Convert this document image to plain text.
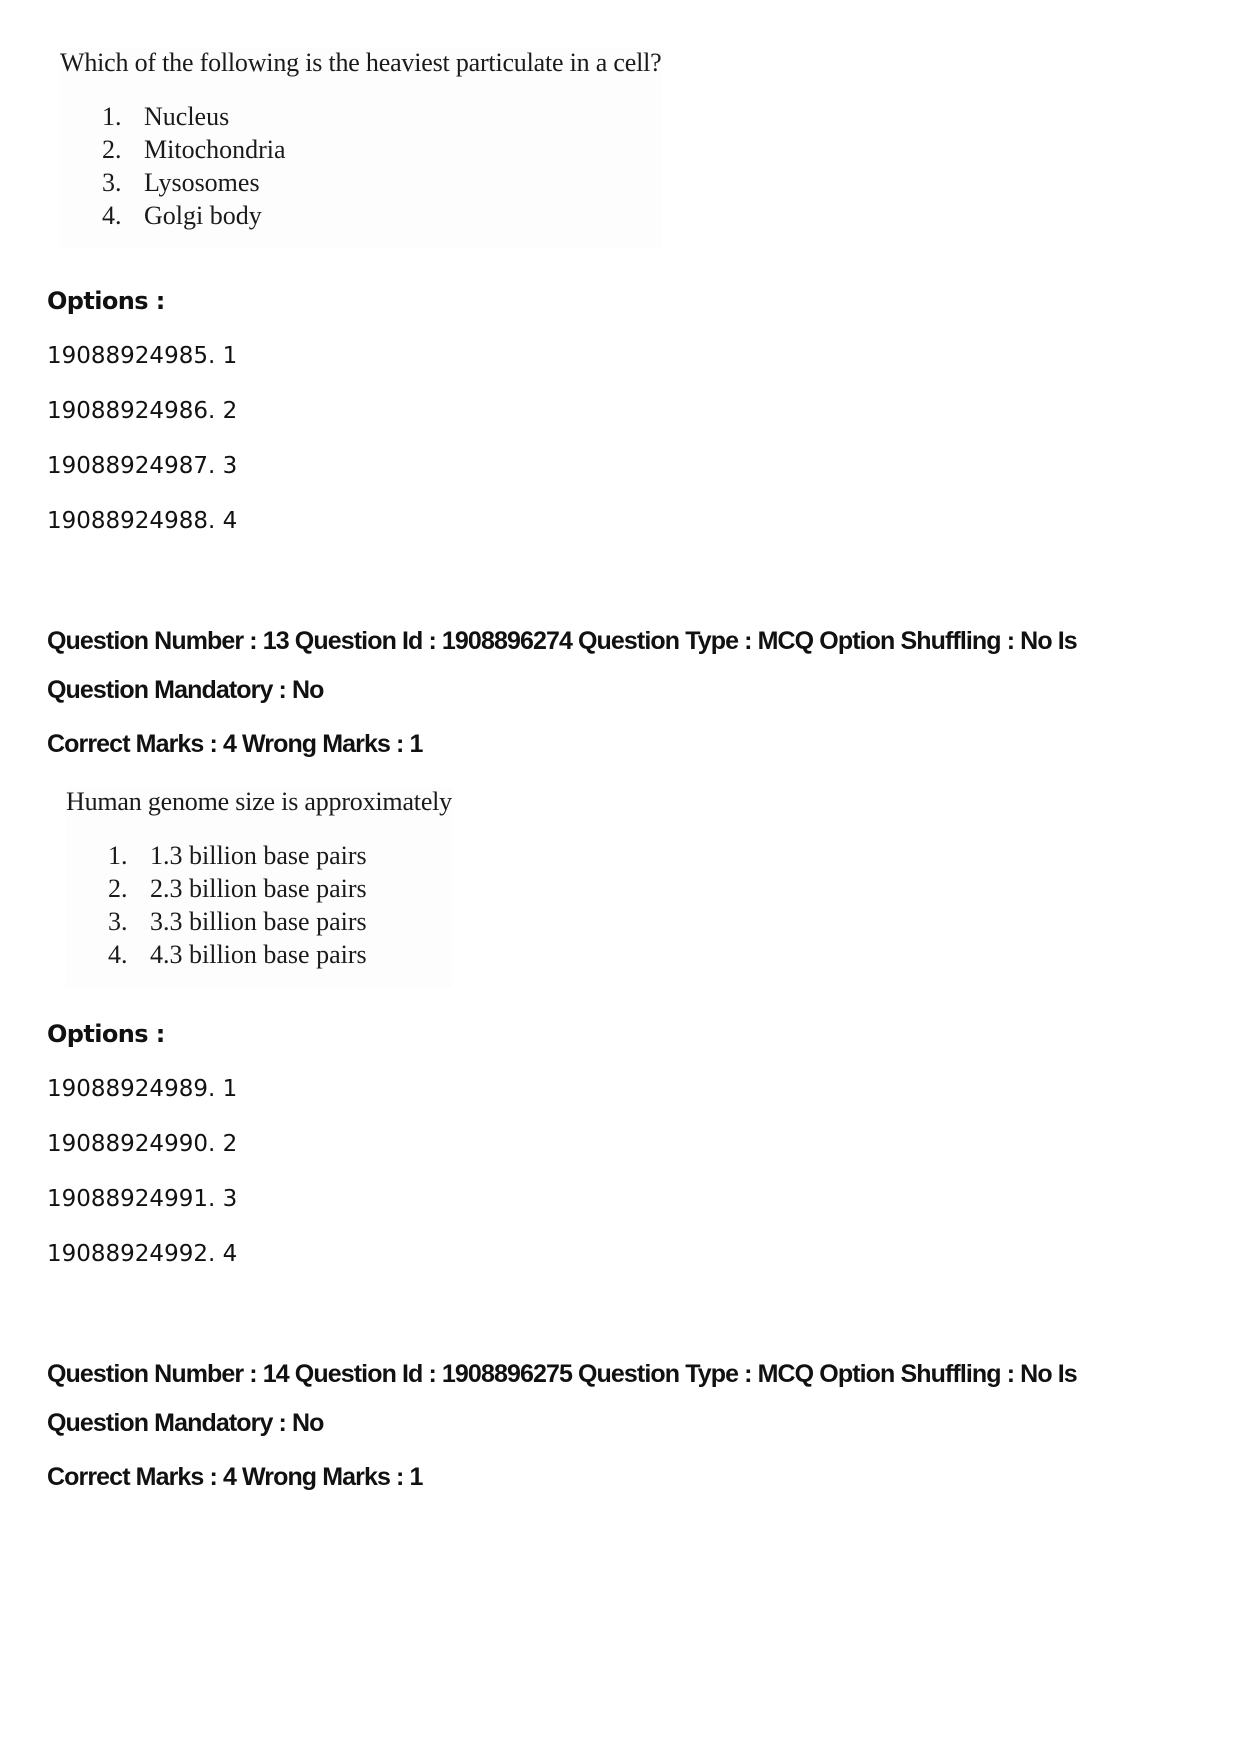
Which of the following is the heaviest particulate in a cell?
1. Nucleus
2. Mitochondria
3. Lysosomes
4. Golgi body
Options :
19088924985. 1
19088924986. 2
19088924987. 3
19088924988. 4
Question Number : 13 Question Id : 1908896274 Question Type : MCQ Option Shuffling : No Is
Question Mandatory : No
Correct Marks : 4 Wrong Marks : 1
Human genome size is approximately
1. 1.3 billion base pairs
2. 2.3 billion base pairs
3. 3.3 billion base pairs
4. 4.3 billion base pairs
Options :
19088924989. 1
19088924990. 2
19088924991. 3
19088924992. 4
Question Number : 14 Question Id : 1908896275 Question Type : MCQ Option Shuffling : No Is
Question Mandatory : No
Correct Marks : 4 Wrong Marks : 1
